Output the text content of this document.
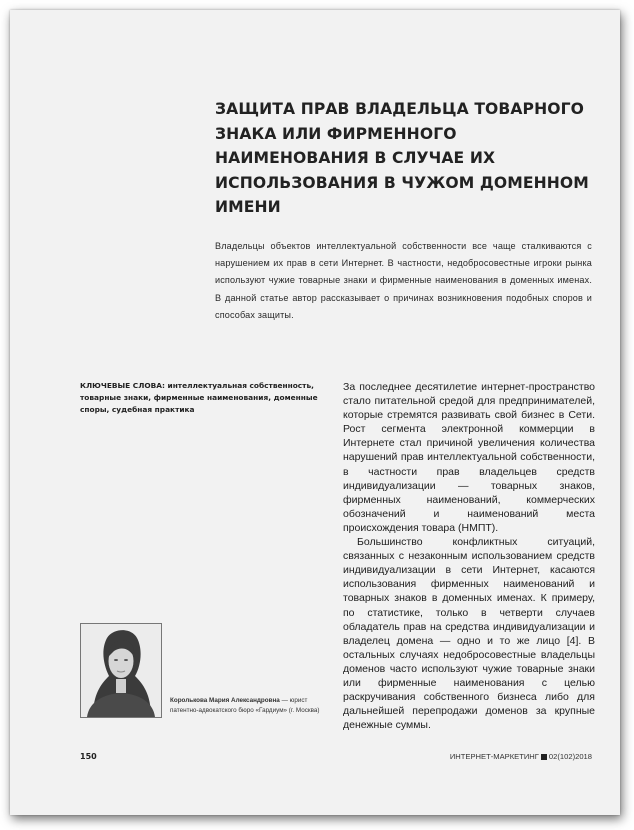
ЗАЩИТА ПРАВ ВЛАДЕЛЬЦА ТОВАРНОГО ЗНАКА ИЛИ ФИРМЕННОГО НАИМЕНОВАНИЯ В СЛУЧАЕ ИХ ИСПОЛЬЗОВАНИЯ В ЧУЖОМ ДОМЕННОМ ИМЕНИ

Владельцы объектов интеллектуальной собственности все чаще сталкиваются с нарушением их прав в сети Интернет. В частности, недобросовестные игроки рынка используют чужие товарные знаки и фирменные наименования в доменных именах. В данной статье автор рассказывает о причинах возникновения подобных споров и способах защиты.

КЛЮЧЕВЫЕ СЛОВА: интеллектуальная собственность, товарные знаки, фирменные наименования, доменные споры, судебная практика

За последнее десятилетие интернет-пространство стало питательной средой для предпринимателей, которые стремятся развивать свой бизнес в Сети. Рост сегмента электронной коммерции в Интернете стал причиной увеличения количества нарушений прав интеллектуальной собственности, в частности прав владельцев средств индивидуализации — товарных знаков, фирменных наименований, коммерческих обозначений и наименований места происхождения товара (НМПТ).

Большинство конфликтных ситуаций, связанных с незаконным использованием средств индивидуализации в сети Интернет, касаются использования фирменных наименований и товарных знаков в доменных именах. К примеру, по статистике, только в четверти случаев обладатель прав на средства индивидуализации и владелец домена — одно и то же лицо [4]. В остальных случаях недобросовестные владельцы доменов часто используют чужие товарные знаки или фирменные наименования с целью раскручивания собственного бизнеса либо для дальнейшей перепродажи доменов за крупные денежные суммы.

Королькова Мария Александровна — юрист патентно-адвокатского бюро «Гардиум» (г. Москва)

150	ИНТЕРНЕТ-МАРКЕТИНГ 02(102)2018
